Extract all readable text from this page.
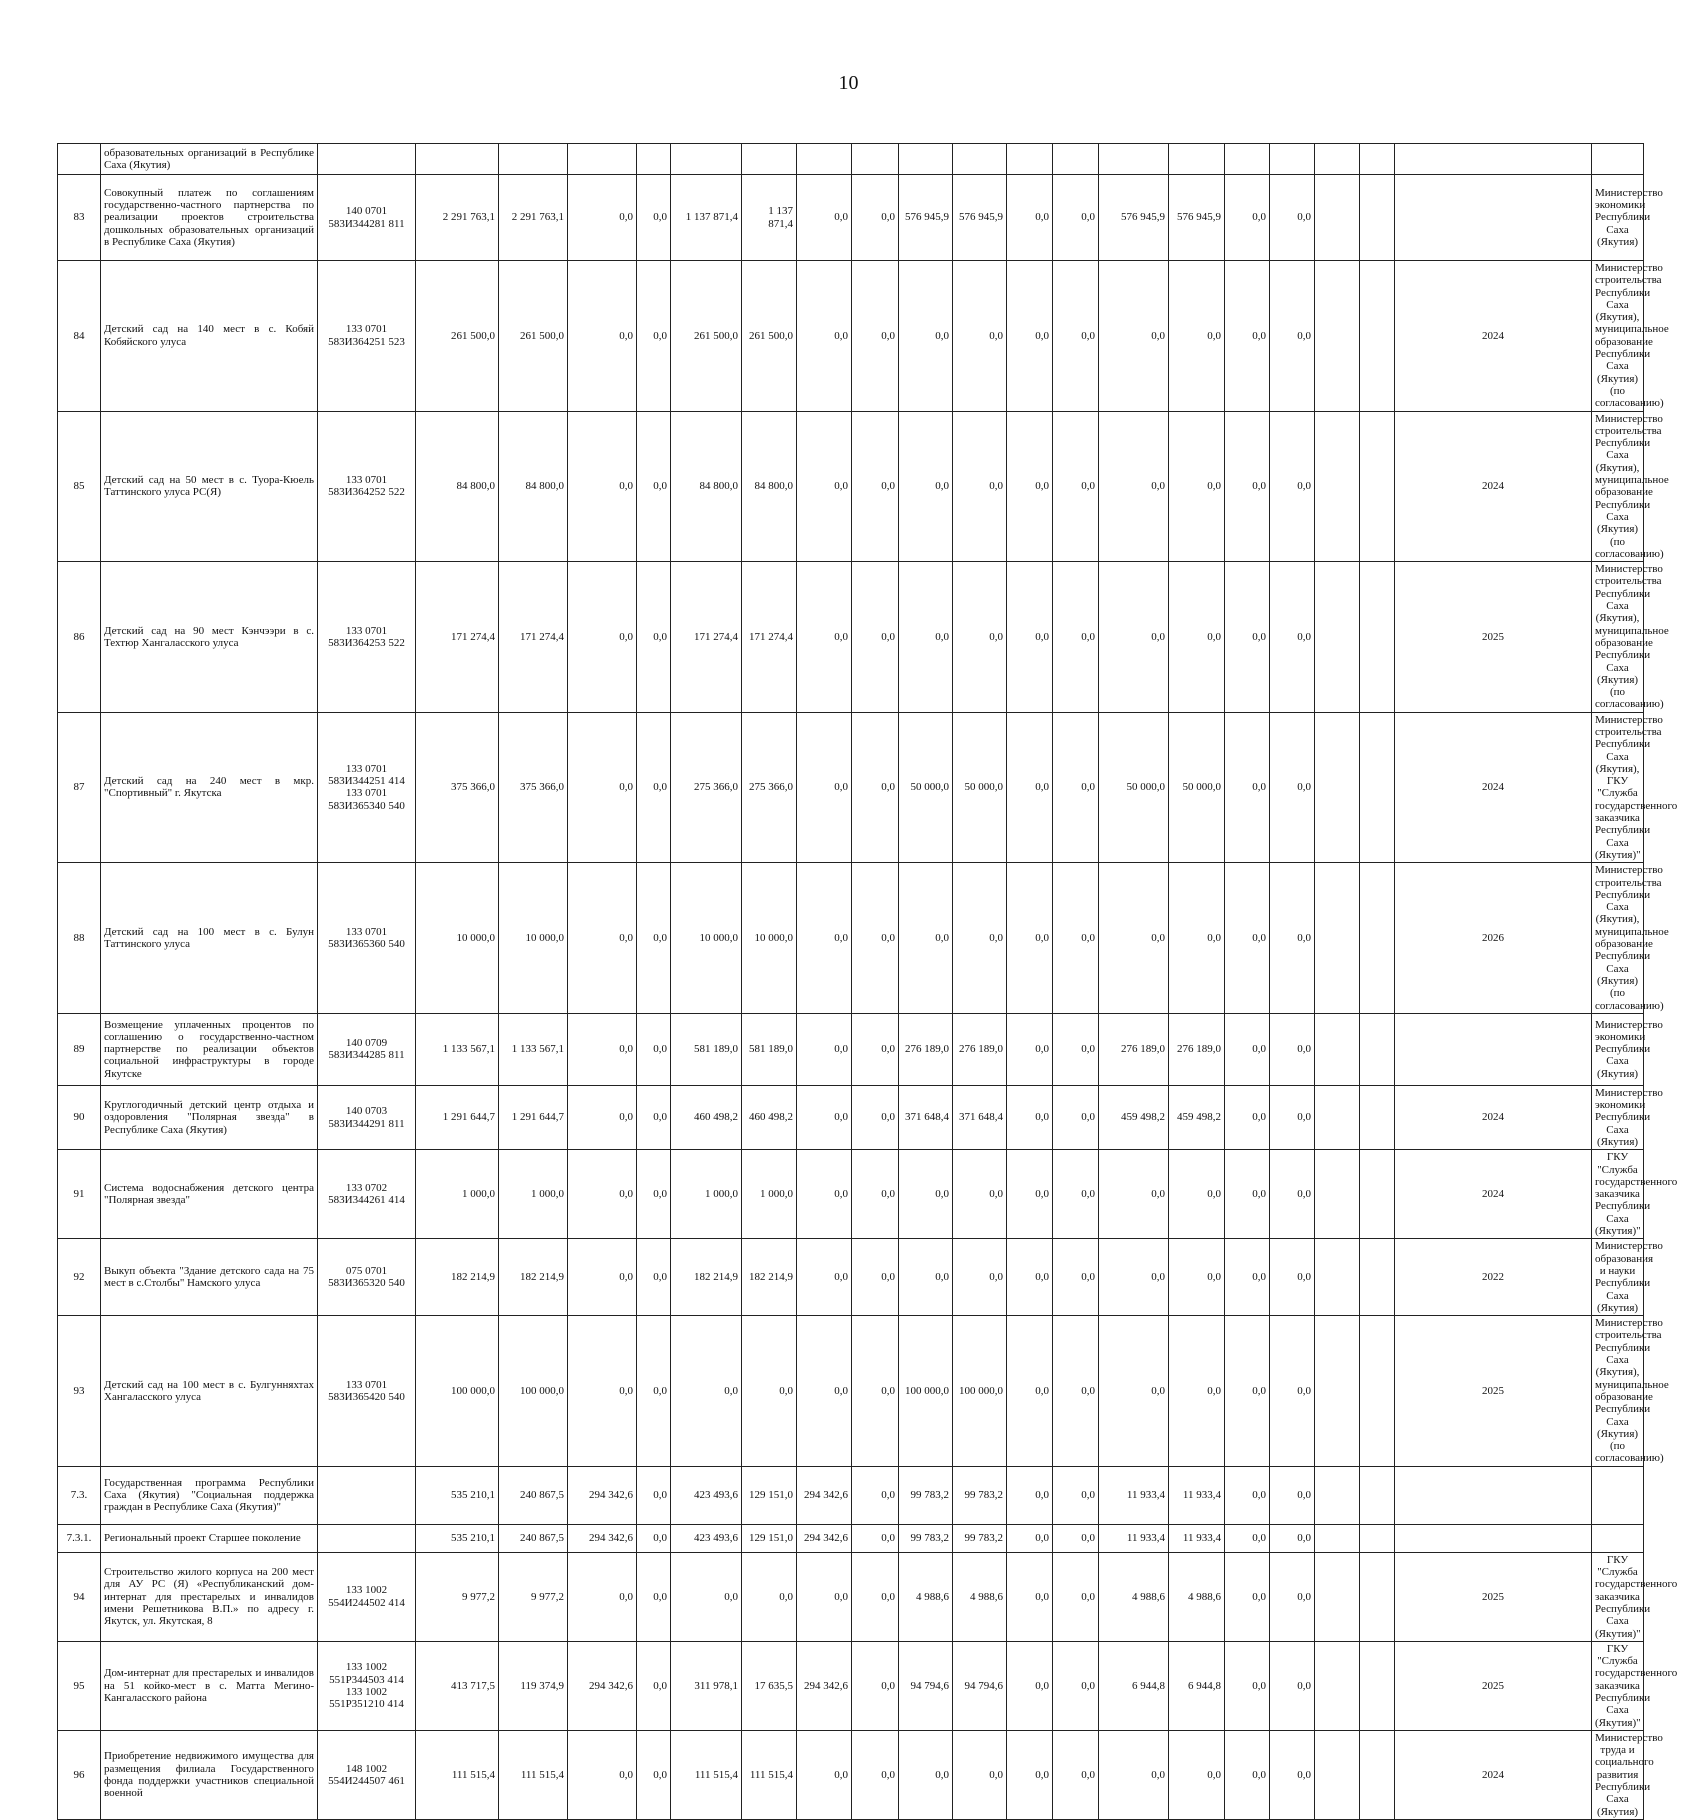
10
	образовательных организаций в Республике Саха (Якутия)																					
83	Совокупный платеж по соглашениям государственно-частного партнерства по реализации проектов строительства дошкольных образовательных организаций в Республике Саха (Якутия)	140 0701 583И344281 811	2 291 763,1	2 291 763,1	0,0	0,0	1 137 871,4	1 137 871,4	0,0	0,0	576 945,9	576 945,9	0,0	0,0	576 945,9	576 945,9	0,0	0,0				Министерство экономики Республики Саха (Якутия)
84	Детский сад на 140 мест в с. Кобяй Кобяйского улуса	133 0701 583И364251 523	261 500,0	261 500,0	0,0	0,0	261 500,0	261 500,0	0,0	0,0	0,0	0,0	0,0	0,0	0,0	0,0	0,0	0,0			2024	Министерство строительства Республики Саха (Якутия), муниципальное образование Республики Саха (Якутия) (по согласованию)
85	Детский сад на 50 мест в с. Туора-Кюель Таттинского улуса РС(Я)	133 0701 583И364252 522	84 800,0	84 800,0	0,0	0,0	84 800,0	84 800,0	0,0	0,0	0,0	0,0	0,0	0,0	0,0	0,0	0,0	0,0			2024	Министерство строительства Республики Саха (Якутия), муниципальное образование Республики Саха (Якутия) (по согласованию)
86	Детский сад на 90 мест Кэнчээри в с. Техтюр Хангаласского улуса	133 0701 583И364253 522	171 274,4	171 274,4	0,0	0,0	171 274,4	171 274,4	0,0	0,0	0,0	0,0	0,0	0,0	0,0	0,0	0,0	0,0			2025	Министерство строительства Республики Саха (Якутия), муниципальное образование Республики Саха (Якутия) (по согласованию)
87	Детский сад на 240 мест в мкр. "Спортивный" г. Якутска	133 0701 583И344251 414 133 0701 583И365340 540	375 366,0	375 366,0	0,0	0,0	275 366,0	275 366,0	0,0	0,0	50 000,0	50 000,0	0,0	0,0	50 000,0	50 000,0	0,0	0,0			2024	Министерство строительства Республики Саха (Якутия), ГКУ "Служба государственного заказчика Республики Саха (Якутия)"
88	Детский сад на 100 мест в с. Булун Таттинского улуса	133 0701 583И365360 540	10 000,0	10 000,0	0,0	0,0	10 000,0	10 000,0	0,0	0,0	0,0	0,0	0,0	0,0	0,0	0,0	0,0	0,0			2026	Министерство строительства Республики Саха (Якутия), муниципальное образование Республики Саха (Якутия) (по согласованию)
89	Возмещение уплаченных процентов по соглашению о государственно-частном партнерстве по реализации объектов социальной инфраструктуры в городе Якутске	140 0709 583И344285 811	1 133 567,1	1 133 567,1	0,0	0,0	581 189,0	581 189,0	0,0	0,0	276 189,0	276 189,0	0,0	0,0	276 189,0	276 189,0	0,0	0,0				Министерство экономики Республики Саха (Якутия)
90	Круглогодичный детский центр отдыха и оздоровления "Полярная звезда" в Республике Саха (Якутия)	140 0703 583И344291 811	1 291 644,7	1 291 644,7	0,0	0,0	460 498,2	460 498,2	0,0	0,0	371 648,4	371 648,4	0,0	0,0	459 498,2	459 498,2	0,0	0,0			2024	Министерство экономики Республики Саха (Якутия)
91	Система водоснабжения детского центра "Полярная звезда"	133 0702 583И344261 414	1 000,0	1 000,0	0,0	0,0	1 000,0	1 000,0	0,0	0,0	0,0	0,0	0,0	0,0	0,0	0,0	0,0	0,0			2024	ГКУ "Служба государственного заказчика Республики Саха (Якутия)"
92	Выкуп объекта "Здание детского сада на 75 мест в с.Столбы" Намского улуса	075 0701 583И365320 540	182 214,9	182 214,9	0,0	0,0	182 214,9	182 214,9	0,0	0,0	0,0	0,0	0,0	0,0	0,0	0,0	0,0	0,0			2022	Министерство образования и науки Республики Саха (Якутия)
93	Детский сад на 100 мест в с. Булгунняхтах Хангаласского улуса	133 0701 583И365420 540	100 000,0	100 000,0	0,0	0,0	0,0	0,0	0,0	0,0	100 000,0	100 000,0	0,0	0,0	0,0	0,0	0,0	0,0			2025	Министерство строительства Республики Саха (Якутия), муниципальное образование Республики Саха (Якутия) (по согласованию)
7.3.	Государственная программа Республики Саха (Якутия) "Социальная поддержка граждан в Республике Саха (Якутия)"		535 210,1	240 867,5	294 342,6	0,0	423 493,6	129 151,0	294 342,6	0,0	99 783,2	99 783,2	0,0	0,0	11 933,4	11 933,4	0,0	0,0				
7.3.1.	Региональный проект Старшее поколение		535 210,1	240 867,5	294 342,6	0,0	423 493,6	129 151,0	294 342,6	0,0	99 783,2	99 783,2	0,0	0,0	11 933,4	11 933,4	0,0	0,0				
94	Строительство жилого корпуса на 200 мест для АУ РС (Я) «Республиканский дом-интернат для престарелых и инвалидов имени Решетникова В.П.» по адресу г. Якутск, ул. Якутская, 8	133 1002 554И244502 414	9 977,2	9 977,2	0,0	0,0	0,0	0,0	0,0	0,0	4 988,6	4 988,6	0,0	0,0	4 988,6	4 988,6	0,0	0,0			2025	ГКУ "Служба государственного заказчика Республики Саха (Якутия)"
95	Дом-интернат для престарелых и инвалидов на 51 койко-мест в с. Матта Мегино-Кангаласского района	133 1002 551Р344503 414 133 1002 551Р351210 414	413 717,5	119 374,9	294 342,6	0,0	311 978,1	17 635,5	294 342,6	0,0	94 794,6	94 794,6	0,0	0,0	6 944,8	6 944,8	0,0	0,0			2025	ГКУ "Служба государственного заказчика Республики Саха (Якутия)"
96	Приобретение недвижимого имущества для размещения филиала Государственного фонда поддержки участников специальной военной	148 1002 554И244507 461	111 515,4	111 515,4	0,0	0,0	111 515,4	111 515,4	0,0	0,0	0,0	0,0	0,0	0,0	0,0	0,0	0,0	0,0			2024	Министерство труда и социального развития Республики Саха (Якутия)
